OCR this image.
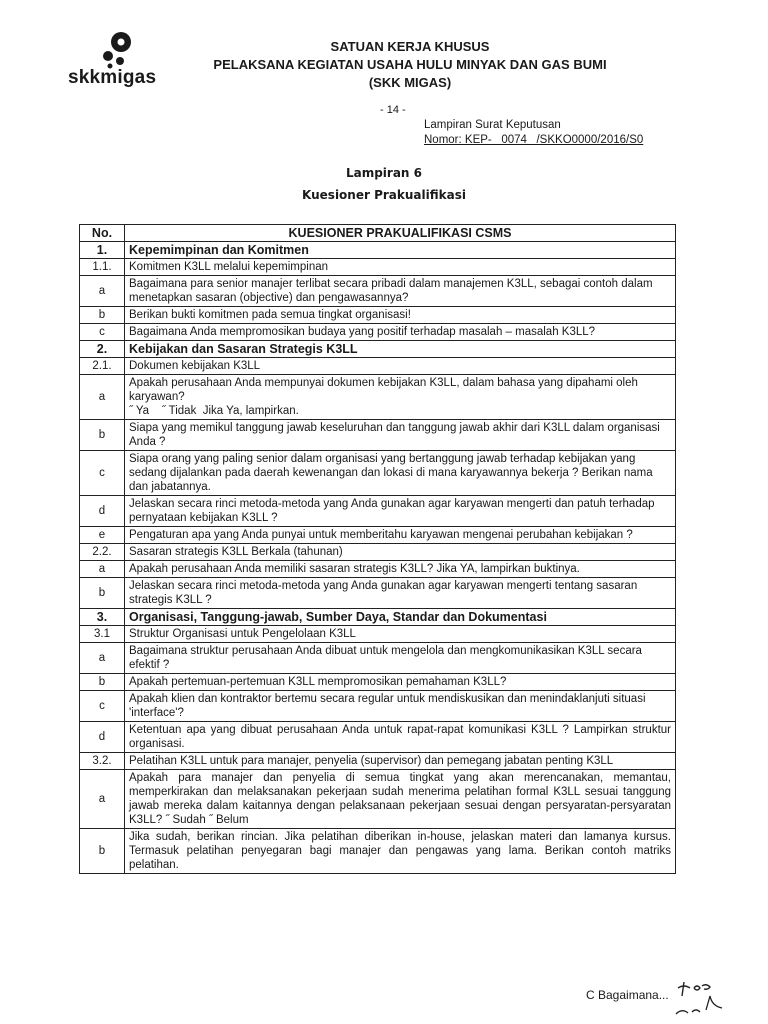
skkmigas
SATUAN KERJA KHUSUS
PELAKSANA KEGIATAN USAHA HULU MINYAK DAN GAS BUMI
(SKK MIGAS)
- 14 -
Lampiran Surat Keputusan
Nomor: KEP-   0074   /SKKO0000/2016/S0
Lampiran 6
Kuesioner Prakualifikasi
No.	KUESIONER PRAKUALIFIKASI CSMS
1.	Kepemimpinan dan Komitmen
1.1.	Komitmen K3LL melalui kepemimpinan
a	Bagaimana para senior manajer terlibat secara pribadi dalam manajemen K3LL, sebagai contoh dalam menetapkan sasaran (objective) dan pengawasannya?
b	Berikan bukti komitmen pada semua tingkat organisasi!
c	Bagaimana Anda mempromosikan budaya yang positif terhadap masalah – masalah K3LL?
2.	Kebijakan dan Sasaran Strategis K3LL
2.1.	Dokumen kebijakan K3LL
a	Apakah perusahaan Anda mempunyai dokumen kebijakan K3LL, dalam bahasa yang dipahami oleh karyawan?
˝ Ya    ˝ Tidak  Jika Ya, lampirkan.

b	Siapa yang memikul tanggung jawab keseluruhan dan tanggung jawab akhir dari K3LL dalam organisasi Anda ?
c	Siapa orang yang paling senior dalam organisasi yang bertanggung jawab terhadap kebijakan yang sedang dijalankan pada daerah kewenangan dan lokasi di mana karyawannya bekerja ? Berikan nama dan jabatannya.
d	Jelaskan secara rinci metoda-metoda yang Anda gunakan agar karyawan mengerti dan patuh terhadap pernyataan kebijakan K3LL ?
e	Pengaturan apa yang Anda punyai untuk memberitahu karyawan mengenai perubahan kebijakan ?
2.2.	Sasaran strategis K3LL Berkala (tahunan)
a	Apakah perusahaan Anda memiliki sasaran strategis K3LL? Jika YA, lampirkan buktinya.
b	Jelaskan secara rinci metoda-metoda yang Anda gunakan agar karyawan mengerti tentang sasaran strategis K3LL ?
3.	Organisasi, Tanggung-jawab, Sumber Daya, Standar dan Dokumentasi
3.1	Struktur Organisasi untuk Pengelolaan K3LL
a	Bagaimana struktur perusahaan Anda dibuat untuk mengelola dan mengkomunikasikan K3LL secara efektif ?
b	Apakah pertemuan-pertemuan K3LL mempromosikan pemahaman K3LL?
c	Apakah klien dan kontraktor bertemu secara regular untuk mendiskusikan dan menindaklanjuti situasi 'interface'?
d	Ketentuan apa yang dibuat perusahaan Anda untuk rapat-rapat komunikasi K3LL ? Lampirkan struktur organisasi.
3.2.	Pelatihan K3LL untuk para manajer, penyelia (supervisor) dan pemegang jabatan penting K3LL
a	Apakah para manajer dan penyelia di semua tingkat yang akan merencanakan, memantau, memperkirakan dan melaksanakan pekerjaan sudah menerima pelatihan formal K3LL sesuai tanggung jawab mereka dalam kaitannya dengan pelaksanaan pekerjaan sesuai dengan persyaratan-persyaratan K3LL? ˝ Sudah ˝ Belum
b	Jika sudah, berikan rincian. Jika pelatihan diberikan in-house, jelaskan materi dan lamanya kursus. Termasuk pelatihan penyegaran bagi manajer dan pengawas yang lama. Berikan contoh matriks pelatihan.
C Bagaimana...
